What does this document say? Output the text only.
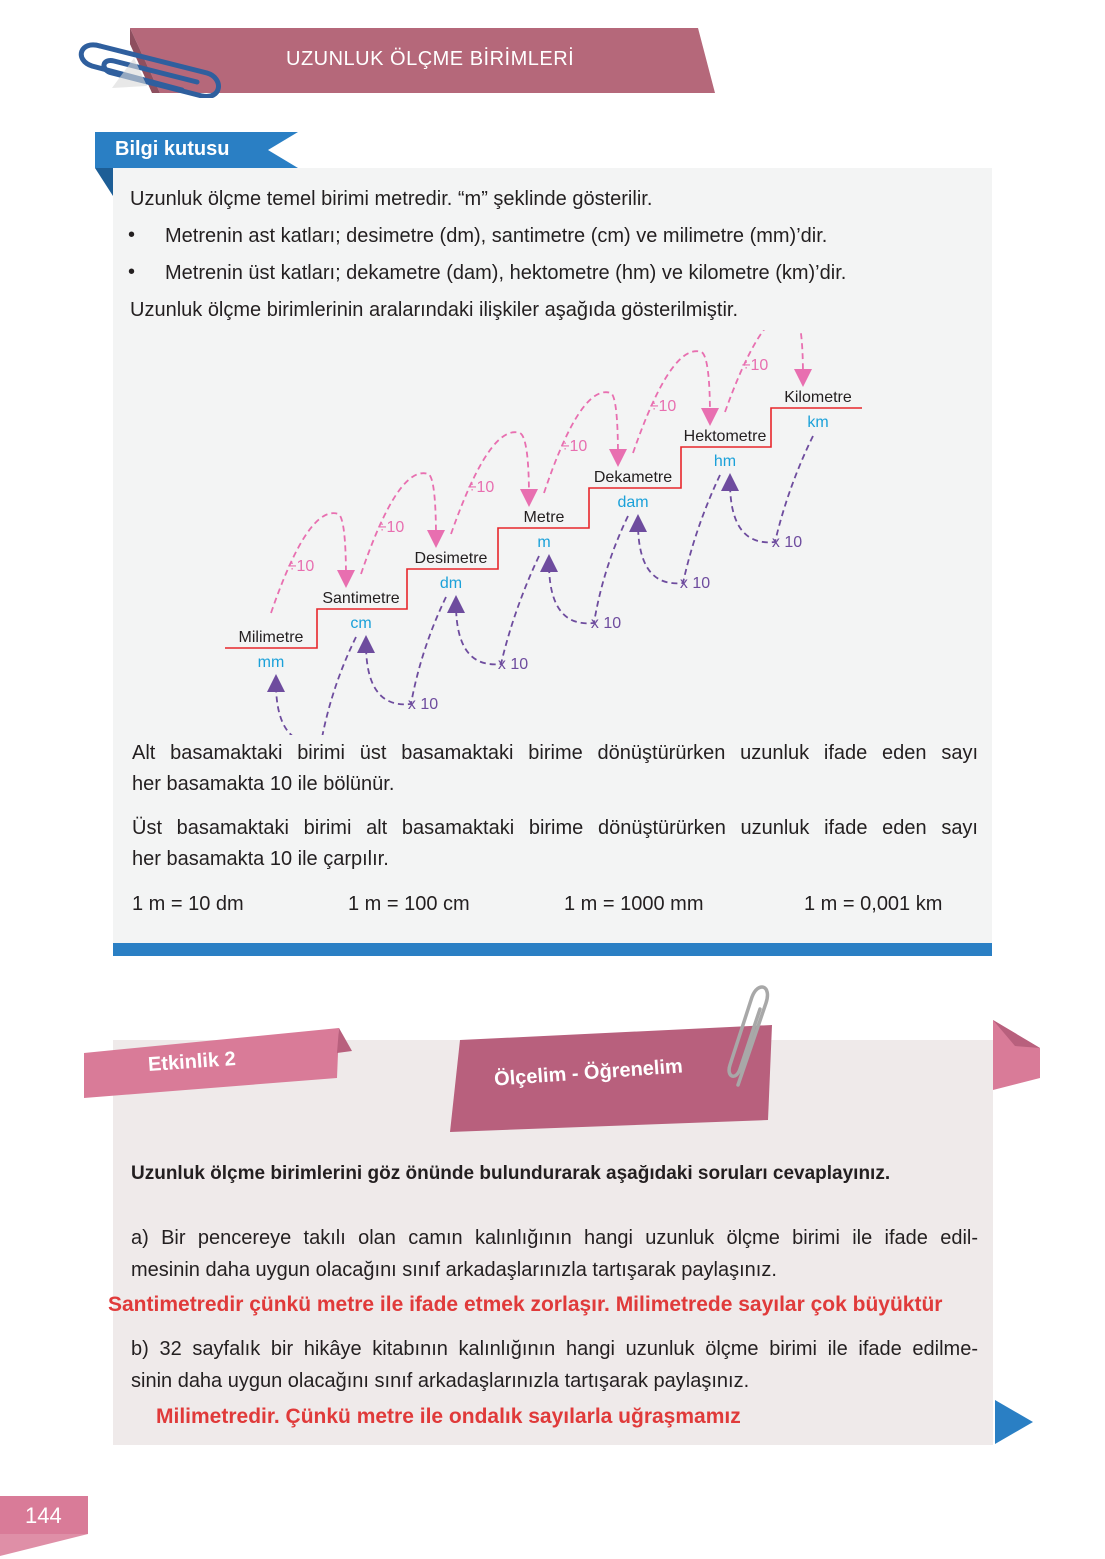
UZUNLUK ÖLÇME BİRİMLERİ
Bilgi kutusu
Uzunluk ölçme temel birimi metredir. “m” şeklinde gösterilir.
• Metrenin ast katları; desimetre (dm), santimetre (cm) ve milimetre (mm)’dir.
• Metrenin üst katları; dekametre (dam), hektometre (hm) ve kilometre (km)’dir.
Uzunluk ölçme birimlerinin aralarındaki ilişkiler aşağıda gösterilmiştir.
Milimetre
mm
Santimetre
cm
Desimetre
dm
Metre
m
Dekametre
dam
Hektometre
hm
Kilometre
km
÷10
÷10
÷10
÷10
÷10
÷10
x 10
x 10
x 10
x 10
x 10
Alt basamaktaki birimi üst basamaktaki birime dönüştürürken uzunluk ifade eden sayı
her basamakta 10 ile bölünür.
Üst basamaktaki birimi alt basamaktaki birime dönüştürürken uzunluk ifade eden sayı
her basamakta 10 ile çarpılır.
1 m = 10 dm	1 m = 100 cm	1 m = 1000 mm	1 m = 0,001 km
Etkinlik 2	Ölçelim - Öğrenelim
Uzunluk ölçme birimlerini göz önünde bulundurarak aşağıdaki soruları cevaplayınız.
a) Bir pencereye takılı olan camın kalınlığının hangi uzunluk ölçme birimi ile ifade edil-
mesinin daha uygun olacağını sınıf arkadaşlarınızla tartışarak paylaşınız.
Santimetredir çünkü metre ile ifade etmek zorlaşır. Milimetrede sayılar çok büyüktür
b) 32 sayfalık bir hikâye kitabının kalınlığının hangi uzunluk ölçme birimi ile ifade edilme-
sinin daha uygun olacağını sınıf arkadaşlarınızla tartışarak paylaşınız.
Milimetredir. Çünkü metre ile ondalık sayılarla uğraşmamız
144
